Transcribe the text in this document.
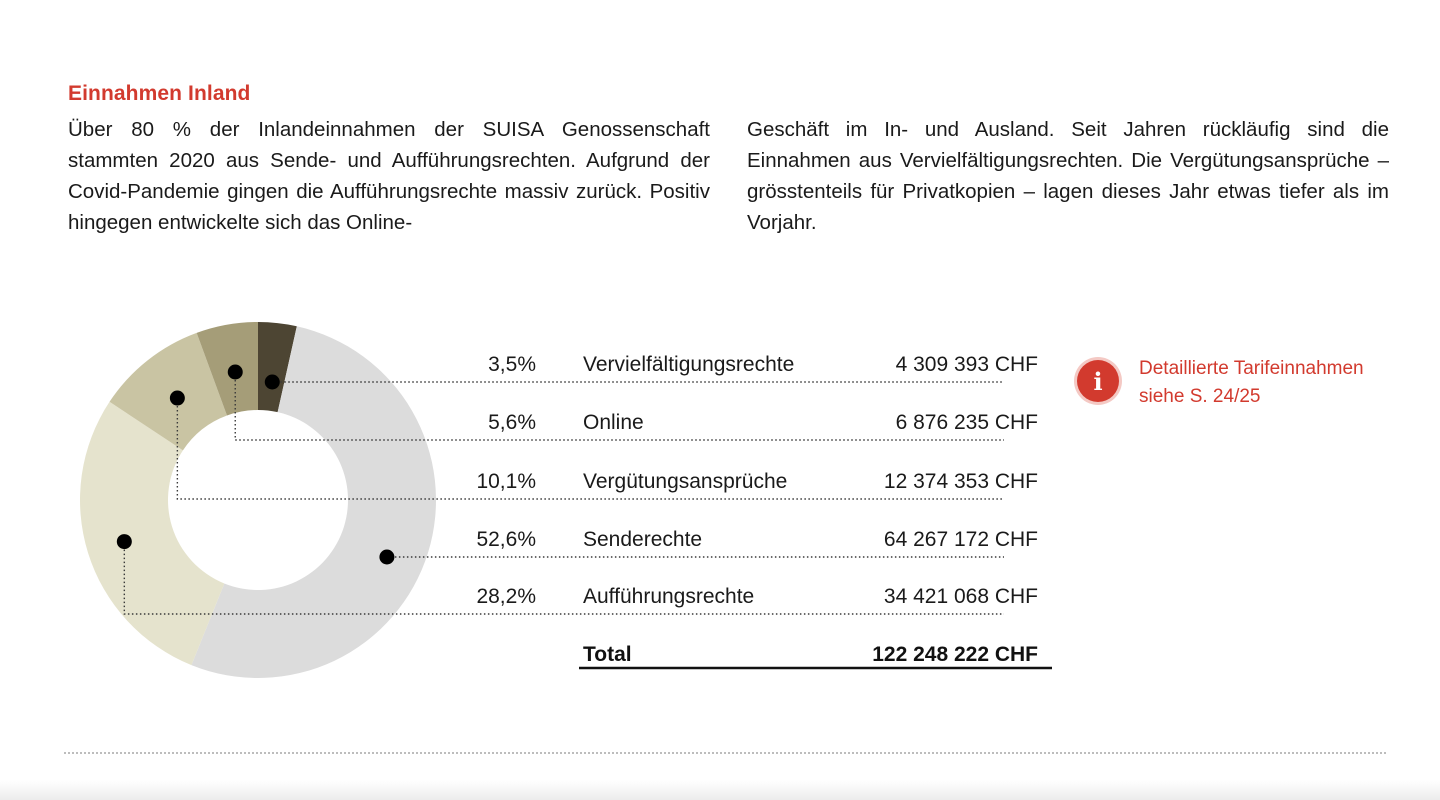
Einnahmen Inland
Über 80 % der Inlandeinnahmen der SUISA Genossenschaft stammten 2020 aus Sende- und Aufführungsrechten. Aufgrund der Covid-Pandemie gingen die Aufführungsrechte massiv zurück. Positiv hingegen entwickelte sich das Online-
Geschäft im In- und Ausland. Seit Jahren rückläufig sind die Einnahmen aus Vervielfältigungsrechten. Die Vergütungsansprüche – grösstenteils für Privatkopien – lagen dieses Jahr etwas tiefer als im Vorjahr.
3,5% Vervielfältigungsrechte	4 309 393 CHF
5,6% Online	6 876 235 CHF
10,1% Vergütungsansprüche	12 374 353 CHF
52,6% Senderechte	64 267 172 CHF
28,2% Aufführungsrechte	34 421 068 CHF
Total	122 248 222 CHF
i	Detaillierte Tarifeinnahmen
siehe S. 24/25
